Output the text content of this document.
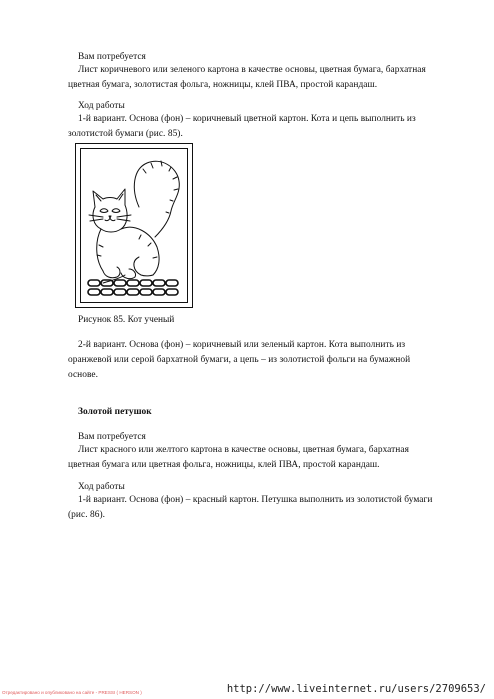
Вам потребуется

Лист коричневого или зеленого картона в качестве основы, цветная бумага, бархатная цветная бумага, золотистая фольга, ножницы, клей ПВА, простой карандаш.

Ход работы

1-й вариант. Основа (фон) – коричневый цветной картон. Кота и цепь выполнить из золотистой бумаги (рис. 85).

Рисунок 85. Кот ученый

2-й вариант. Основа (фон) – коричневый или зеленый картон. Кота выполнить из оранжевой или серой бархатной бумаги, а цепь – из золотистой фольги на бумажной основе.

Золотой петушок

Вам потребуется

Лист красного или желтого картона в качестве основы, цветная бумага, бархатная цветная бумага или цветная фольга, ножницы, клей ПВА, простой карандаш.

Ход работы

1-й вариант. Основа (фон) – красный картон. Петушка выполнить из золотистой бумаги (рис. 86).

Отредактировано и опубликовано на сайте - PRESSI ( HERSON )	http://www.liveinternet.ru/users/2709653/
